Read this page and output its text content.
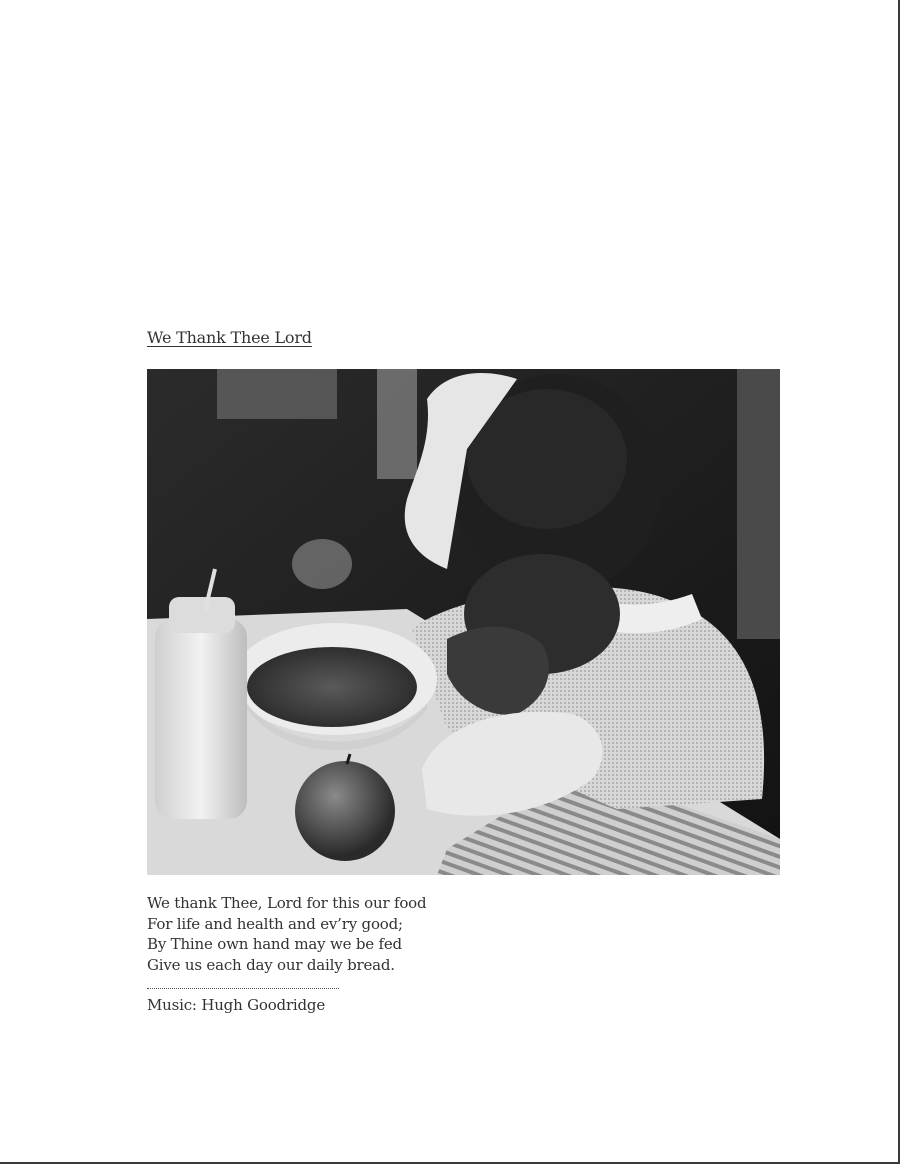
We Thank Thee Lord
We thank Thee, Lord for this our food
For life and health and ev’ry good;
By Thine own hand may we be fed
Give us each day our daily bread.
Music: Hugh Goodridge
